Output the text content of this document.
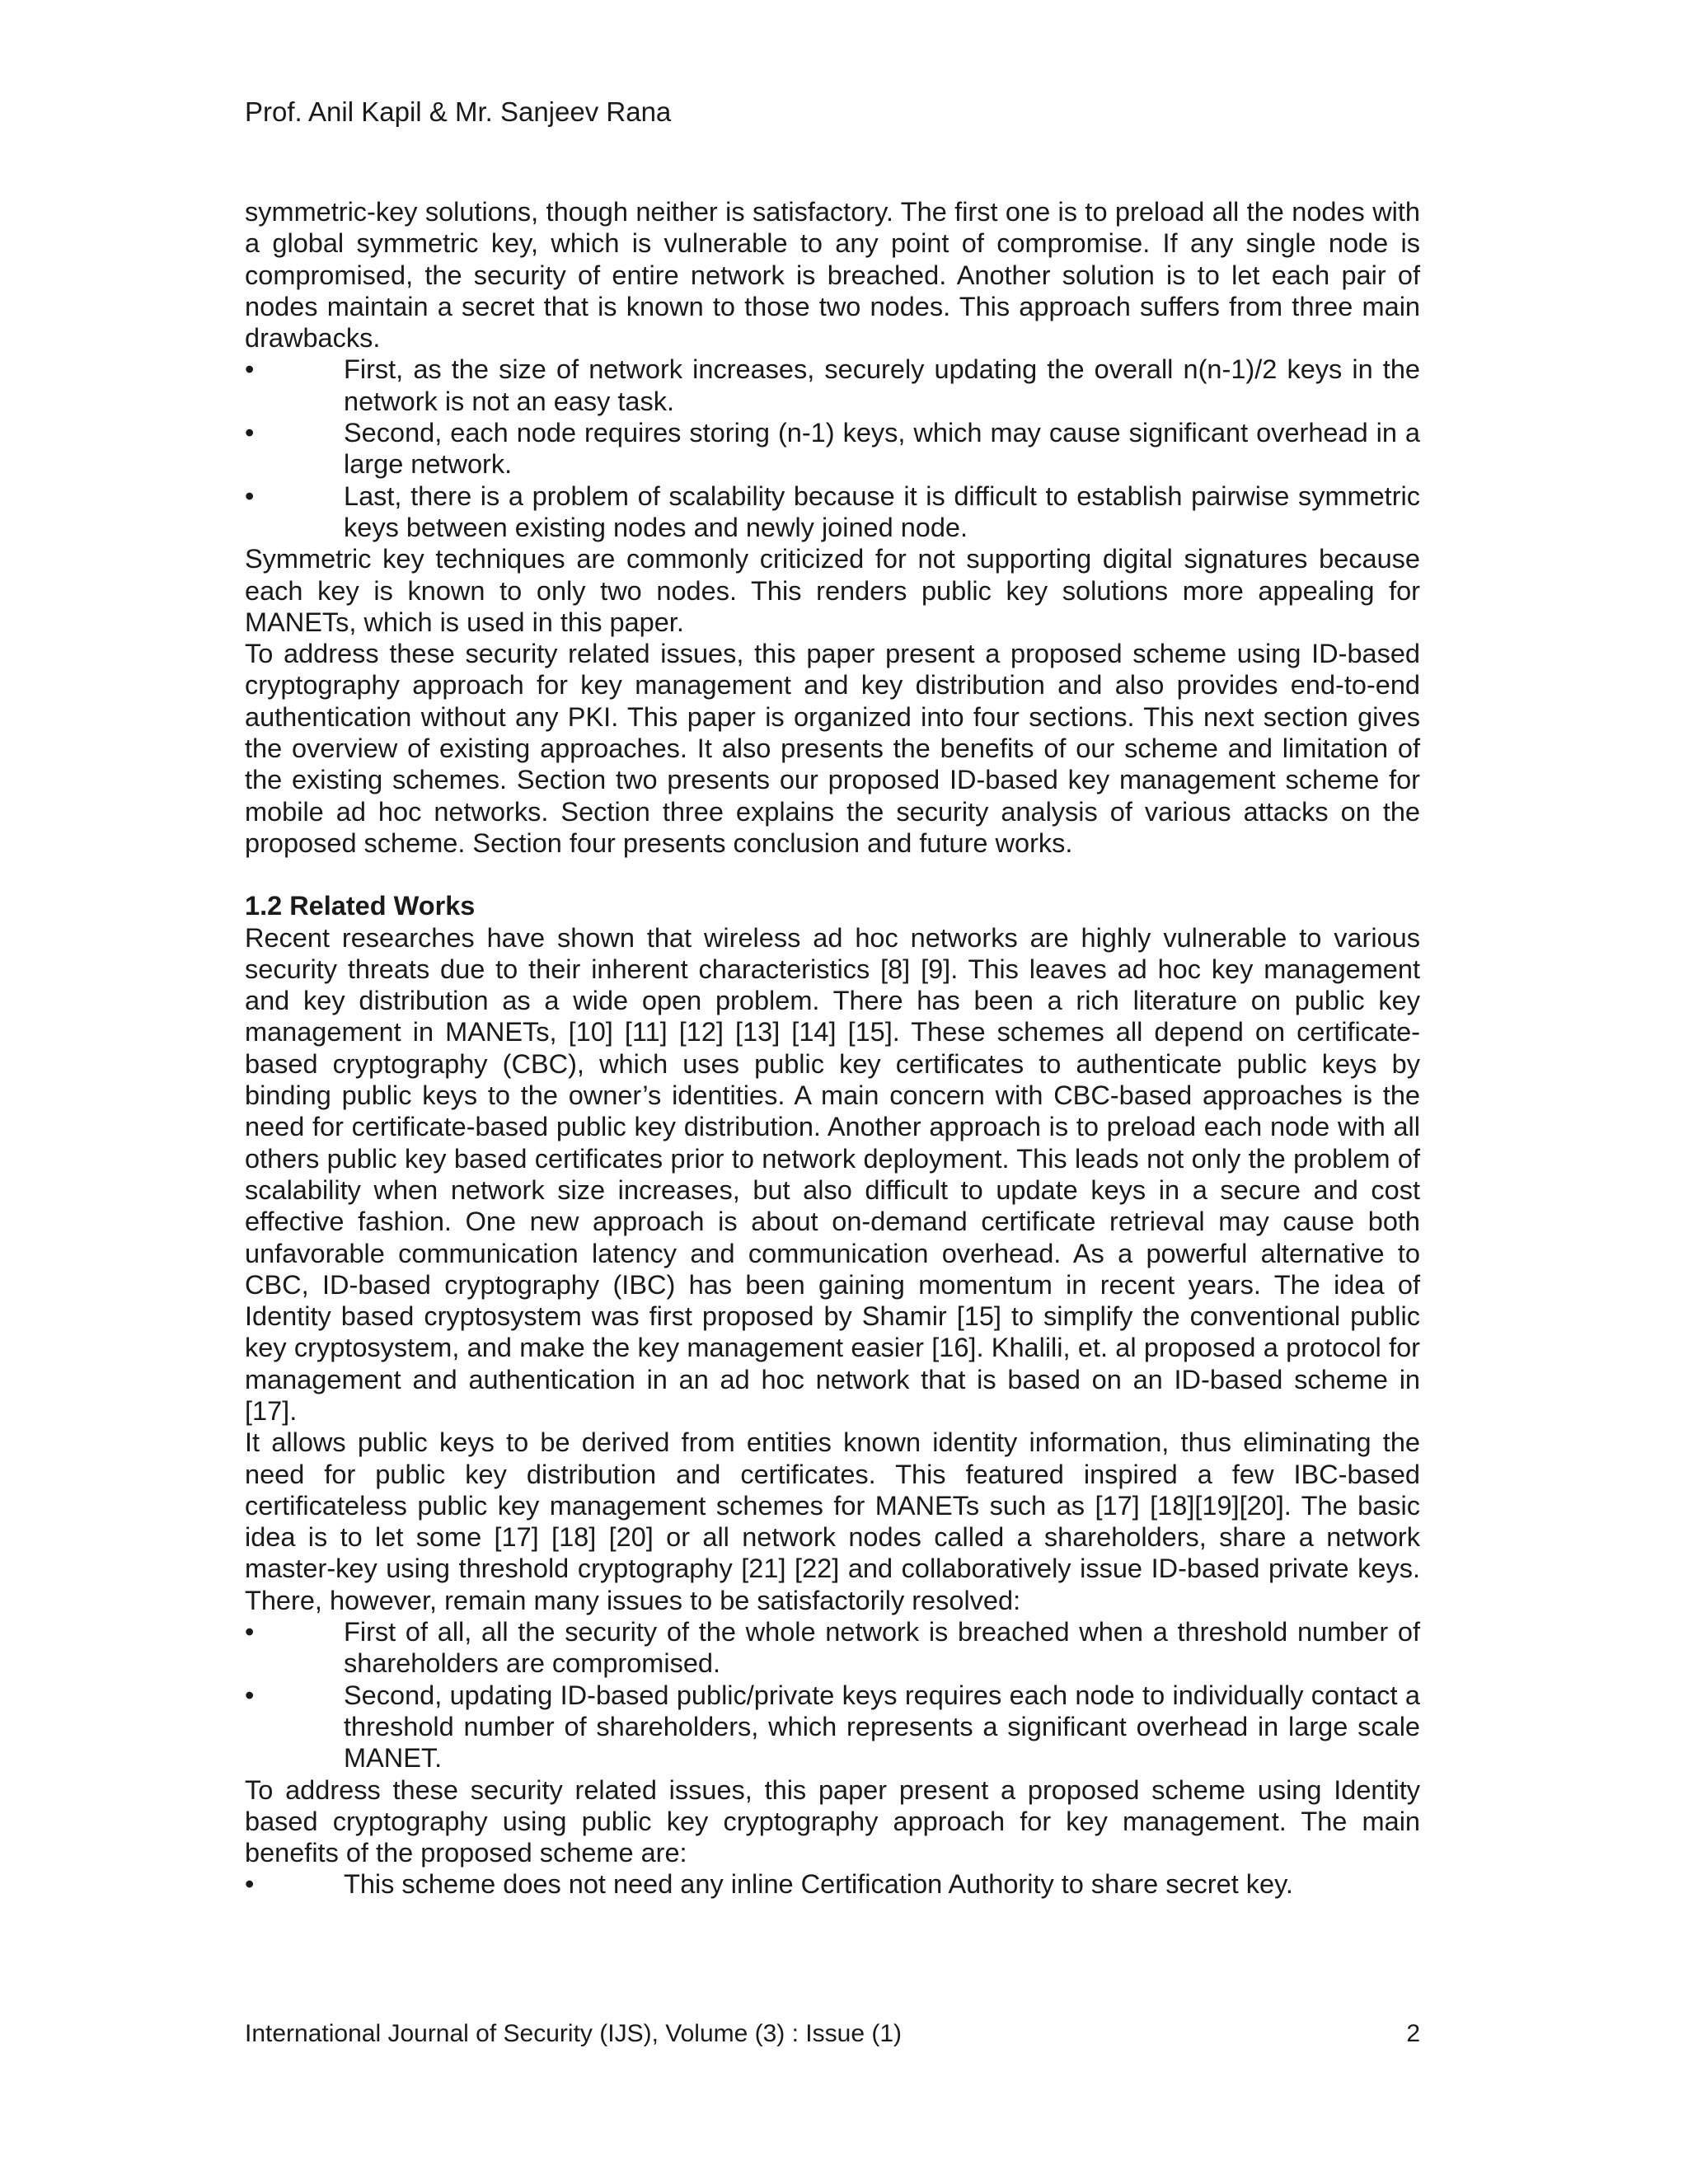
Prof. Anil Kapil & Mr. Sanjeev Rana

symmetric-key solutions, though neither is satisfactory. The first one is to preload all the nodes with a global symmetric key, which is vulnerable to any point of compromise. If any single node is compromised, the security of entire network is breached. Another solution is to let each pair of nodes maintain a secret that is known to those two nodes. This approach suffers from three main drawbacks.

•	First, as the size of network increases, securely updating the overall n(n-1)/2 keys in the network is not an easy task.
•	Second, each node requires storing (n-1) keys, which may cause significant overhead in a large network.
•	Last, there is a problem of scalability because it is difficult to establish pairwise symmetric keys between existing nodes and newly joined node.

Symmetric key techniques are commonly criticized for not supporting digital signatures because each key is known to only two nodes. This renders public key solutions more appealing for MANETs, which is used in this paper.

To address these security related issues, this paper present a proposed scheme using ID-based cryptography approach for key management and key distribution and also provides end-to-end authentication without any PKI. This paper is organized into four sections. This next section gives the overview of existing approaches. It also presents the benefits of our scheme and limitation of the existing schemes. Section two presents our proposed ID-based key management scheme for mobile ad hoc networks. Section three explains the security analysis of various attacks on the proposed scheme. Section four presents conclusion and future works.

1.2 Related Works

Recent researches have shown that wireless ad hoc networks are highly vulnerable to various security threats due to their inherent characteristics [8] [9]. This leaves ad hoc key management and key distribution as a wide open problem. There has been a rich literature on public key management in MANETs, [10] [11] [12] [13] [14] [15]. These schemes all depend on certificate-based cryptography (CBC), which uses public key certificates to authenticate public keys by binding public keys to the owner’s identities. A main concern with CBC-based approaches is the need for certificate-based public key distribution. Another approach is to preload each node with all others public key based certificates prior to network deployment. This leads not only the problem of scalability when network size increases, but also difficult to update keys in a secure and cost effective fashion. One new approach is about on-demand certificate retrieval may cause both unfavorable communication latency and communication overhead. As a powerful alternative to CBC, ID-based cryptography (IBC) has been gaining momentum in recent years. The idea of Identity based cryptosystem was first proposed by Shamir [15] to simplify the conventional public key cryptosystem, and make the key management easier [16]. Khalili, et. al proposed a protocol for management and authentication in an ad hoc network that is based on an ID-based scheme in [17].

It allows public keys to be derived from entities known identity information, thus eliminating the need for public key distribution and certificates. This featured inspired a few IBC-based certificateless public key management schemes for MANETs such as [17] [18][19][20]. The basic idea is to let some [17] [18] [20] or all network nodes called a shareholders, share a network master-key using threshold cryptography [21] [22] and collaboratively issue ID-based private keys. There, however, remain many issues to be satisfactorily resolved:

•	First of all, all the security of the whole network is breached when a threshold number of shareholders are compromised.
•	Second, updating ID-based public/private keys requires each node to individually contact a threshold number of shareholders, which represents a significant overhead in large scale MANET.

To address these security related issues, this paper present a proposed scheme using Identity based cryptography using public key cryptography approach for key management. The main benefits of the proposed scheme are:

•	This scheme does not need any inline Certification Authority to share secret key.
International Journal of Security (IJS), Volume (3) : Issue (1)	2
